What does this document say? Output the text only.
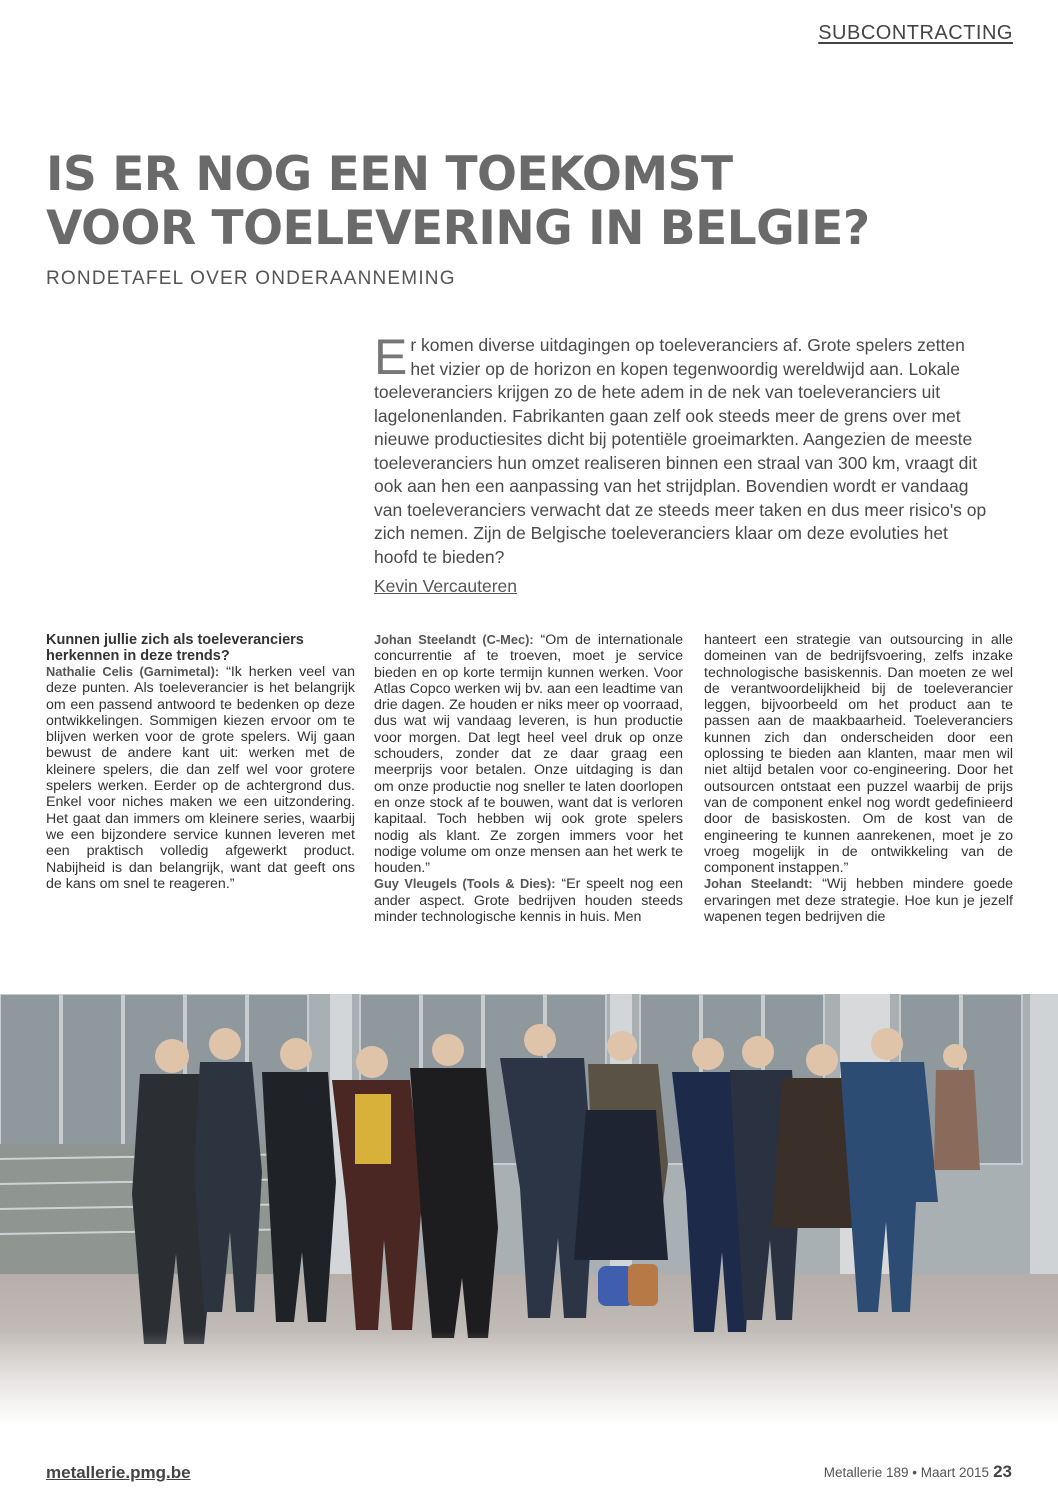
SUBCONTRACTING
IS ER NOG EEN TOEKOMST
VOOR TOELEVERING IN BELGIE?
RONDETAFEL OVER ONDERAANNEMING

Er komen diverse uitdagingen op toeleveranciers af. Grote spelers zetten het vizier op de horizon en kopen tegenwoordig wereldwijd aan. Lokale toeleveranciers krijgen zo de hete adem in de nek van toeleveranciers uit lagelonenlanden. Fabrikanten gaan zelf ook steeds meer de grens over met nieuwe productiesites dicht bij potentiële groeimarkten. Aangezien de meeste toeleveranciers hun omzet realiseren binnen een straal van 300 km, vraagt dit ook aan hen een aanpassing van het strijdplan. Bovendien wordt er vandaag van toeleveranciers verwacht dat ze steeds meer taken en dus meer risico's op zich nemen. Zijn de Belgische toeleveranciers klaar om deze evoluties het hoofd te bieden?

Kevin Vercauteren

Kunnen jullie zich als toeleveranciers herkennen in deze trends?

Nathalie Celis (Garnimetal): “Ik herken veel van deze punten. Als toeleverancier is het belangrijk om een passend antwoord te bedenken op deze ontwikkelingen. Sommigen kiezen ervoor om te blijven werken voor de grote spelers. Wij gaan bewust de andere kant uit: werken met de kleinere spelers, die dan zelf wel voor grotere spelers werken. Eerder op de achtergrond dus. Enkel voor niches maken we een uitzondering. Het gaat dan immers om kleinere series, waarbij we een bijzondere service kunnen leveren met een praktisch volledig afgewerkt product. Nabijheid is dan belangrijk, want dat geeft ons de kans om snel te reageren.”

Johan Steelandt (C-Mec): “Om de internationale concurrentie af te troeven, moet je service bieden en op korte termijn kunnen werken. Voor Atlas Copco werken wij bv. aan een leadtime van drie dagen. Ze houden er niks meer op voorraad, dus wat wij vandaag leveren, is hun productie voor morgen. Dat legt heel veel druk op onze schouders, zonder dat ze daar graag een meerprijs voor betalen. Onze uitdaging is dan om onze productie nog sneller te laten doorlopen en onze stock af te bouwen, want dat is verloren kapitaal. Toch hebben wij ook grote spelers nodig als klant. Ze zorgen immers voor het nodige volume om onze mensen aan het werk te houden.”

Guy Vleugels (Tools & Dies): “Er speelt nog een ander aspect. Grote bedrijven houden steeds minder technologische kennis in huis. Men

hanteert een strategie van outsourcing in alle domeinen van de bedrijfsvoering, zelfs inzake technologische basiskennis. Dan moeten ze wel de verantwoordelijkheid bij de toeleverancier leggen, bijvoorbeeld om het product aan te passen aan de maakbaarheid. Toeleveranciers kunnen zich dan onderscheiden door een oplossing te bieden aan klanten, maar men wil niet altijd betalen voor co-engineering. Door het outsourcen ontstaat een puzzel waarbij de prijs van de component enkel nog wordt gedefinieerd door de basiskosten. Om de kost van de engineering te kunnen aanrekenen, moet je zo vroeg mogelijk in de ontwikkeling van de component instappen.”

Johan Steelandt: “Wij hebben mindere goede ervaringen met deze strategie. Hoe kun je jezelf wapenen tegen bedrijven die

metallerie.pmg.be	Metallerie 189 • Maart 2015 23
